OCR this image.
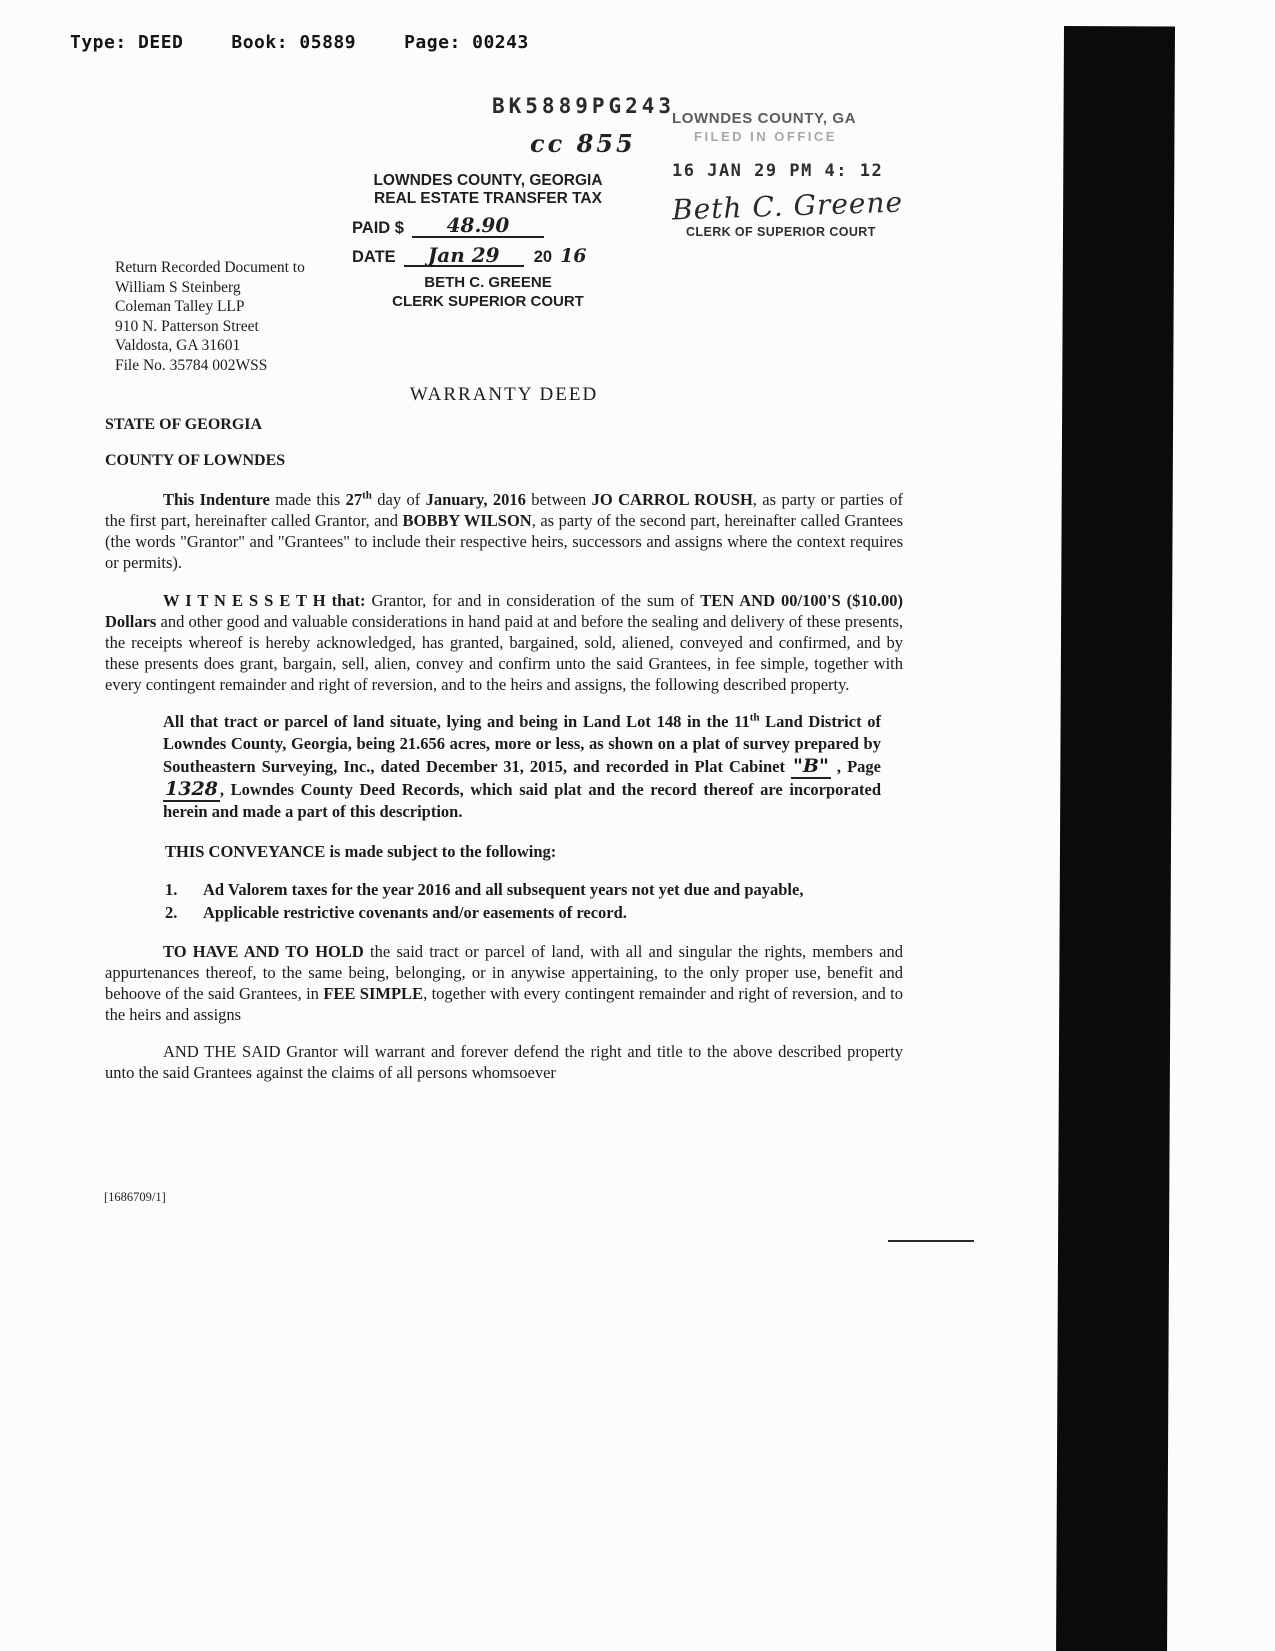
Type: DEED	Book: 05889	Page: 00243
BK5889PG243
cc 855
LOWNDES COUNTY, GA
FILED IN OFFICE
16 JAN 29 PM 4: 12
Beth C. Greene
CLERK OF SUPERIOR COURT
LOWNDES COUNTY, GEORGIA
REAL ESTATE TRANSFER TAX
PAID $	48.90
DATE	Jan 29	20 16
BETH C. GREENE
CLERK SUPERIOR COURT
Return Recorded Document to
William S Steinberg
Coleman Talley LLP
910 N. Patterson Street
Valdosta, GA 31601
File No. 35784 002WSS
WARRANTY DEED
STATE OF GEORGIA
COUNTY OF LOWNDES

This Indenture made this 27th day of January, 2016 between JO CARROL ROUSH, as party or parties of the first part, hereinafter called Grantor, and BOBBY WILSON, as party of the second part, hereinafter called Grantees (the words "Grantor" and "Grantees" to include their respective heirs, successors and assigns where the context requires or permits).

W I T N E S S E T H that: Grantor, for and in consideration of the sum of TEN AND 00/100'S ($10.00) Dollars and other good and valuable considerations in hand paid at and before the sealing and delivery of these presents, the receipts whereof is hereby acknowledged, has granted, bargained, sold, aliened, conveyed and confirmed, and by these presents does grant, bargain, sell, alien, convey and confirm unto the said Grantees, in fee simple, together with every contingent remainder and right of reversion, and to the heirs and assigns, the following described property.

All that tract or parcel of land situate, lying and being in Land Lot 148 in the 11th Land District of Lowndes County, Georgia, being 21.656 acres, more or less, as shown on a plat of survey prepared by Southeastern Surveying, Inc., dated December 31, 2015, and recorded in Plat Cabinet "B" , Page 1328 , Lowndes County Deed Records, which said plat and the record thereof are incorporated herein and made a part of this description.

THIS CONVEYANCE is made subject to the following:

1.	Ad Valorem taxes for the year 2016 and all subsequent years not yet due and payable,
2.	Applicable restrictive covenants and/or easements of record.

TO HAVE AND TO HOLD the said tract or parcel of land, with all and singular the rights, members and appurtenances thereof, to the same being, belonging, or in anywise appertaining, to the only proper use, benefit and behoove of the said Grantees, in FEE SIMPLE, together with every contingent remainder and right of reversion, and to the heirs and assigns

AND THE SAID Grantor will warrant and forever defend the right and title to the above described property unto the said Grantees against the claims of all persons whomsoever

[1686709/1]
